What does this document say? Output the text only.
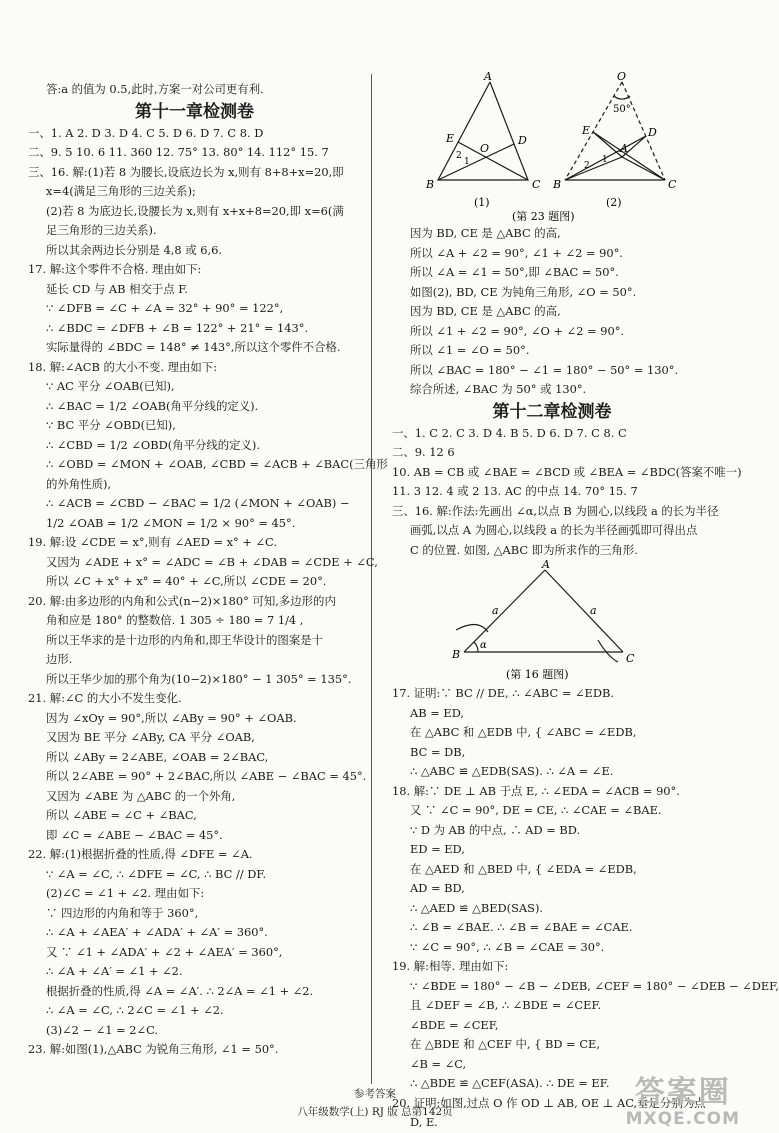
答:a 的值为 0.5,此时,方案一对公司更有利.
第十一章检测卷
一、1. A 2. D 3. D 4. C 5. D 6. D 7. C 8. D
二、9. 5 10. 6 11. 360 12. 75° 13. 80° 14. 112° 15. 7
三、16. 解:(1)若 8 为腰长,设底边长为 x,则有 8+8+x=20,即
x=4(满足三角形的三边关系);
(2)若 8 为底边长,设腰长为 x,则有 x+x+8=20,即 x=6(满
足三角形的三边关系).
所以其余两边长分别是 4,8 或 6,6.
17. 解:这个零件不合格. 理由如下:
延长 CD 与 AB 相交于点 F.
∵ ∠DFB = ∠C + ∠A = 32° + 90° = 122°,
∴ ∠BDC = ∠DFB + ∠B = 122° + 21° = 143°.
实际量得的 ∠BDC = 148° ≠ 143°,所以这个零件不合格.
18. 解:∠ACB 的大小不变. 理由如下:
∵ AC 平分 ∠OAB(已知),
∴ ∠BAC = 1/2 ∠OAB(角平分线的定义).
∵ BC 平分 ∠OBD(已知),
∴ ∠CBD = 1/2 ∠OBD(角平分线的定义).
∴ ∠OBD = ∠MON + ∠OAB, ∠CBD = ∠ACB + ∠BAC(三角形
的外角性质),
∴ ∠ACB = ∠CBD − ∠BAC = 1/2 (∠MON + ∠OAB) −
1/2 ∠OAB = 1/2 ∠MON = 1/2 × 90° = 45°.
19. 解:设 ∠CDE = x°,则有 ∠AED = x° + ∠C.
又因为 ∠ADE + x° = ∠ADC = ∠B + ∠DAB = ∠CDE + ∠C,
所以 ∠C + x° + x° = 40° + ∠C,所以 ∠CDE = 20°.
20. 解:由多边形的内角和公式(n−2)×180° 可知,多边形的内
角和应是 180° 的整数倍. 1 305 ÷ 180 = 7 1/4 ,
所以王华求的是十边形的内角和,即王华设计的图案是十
边形.
所以王华少加的那个角为(10−2)×180° − 1 305° = 135°.
21. 解:∠C 的大小不发生变化.
因为 ∠xOy = 90°,所以 ∠ABy = 90° + ∠OAB.
又因为 BE 平分 ∠ABy, CA 平分 ∠OAB,
所以 ∠ABy = 2∠ABE, ∠OAB = 2∠BAC,
所以 2∠ABE = 90° + 2∠BAC,所以 ∠ABE − ∠BAC = 45°.
又因为 ∠ABE 为 △ABC 的一个外角,
所以 ∠ABE = ∠C + ∠BAC,
即 ∠C = ∠ABE − ∠BAC = 45°.
22. 解:(1)根据折叠的性质,得 ∠DFE = ∠A.
∵ ∠A = ∠C, ∴ ∠DFE = ∠C, ∴ BC // DF.
(2)∠C = ∠1 + ∠2. 理由如下:
∵ 四边形的内角和等于 360°,
∴ ∠A + ∠AEA′ + ∠ADA′ + ∠A′ = 360°.
又 ∵ ∠1 + ∠ADA′ + ∠2 + ∠AEA′ = 360°,
∴ ∠A + ∠A′ = ∠1 + ∠2.
根据折叠的性质,得 ∠A = ∠A′. ∴ 2∠A = ∠1 + ∠2.
∴ ∠A = ∠C, ∴ 2∠C = ∠1 + ∠2.
(3)∠2 − ∠1 = 2∠C.
23. 解:如图(1),△ABC 为锐角三角形, ∠1 = 50°.
因为 BD, CE 是 △ABC 的高,
所以 ∠A + ∠2 = 90°, ∠1 + ∠2 = 90°.
所以 ∠A = ∠1 = 50°,即 ∠BAC = 50°.
如图(2), BD, CE 为钝角三角形, ∠O = 50°.
因为 BD, CE 是 △ABC 的高,
所以 ∠1 + ∠2 = 90°, ∠O + ∠2 = 90°.
所以 ∠1 = ∠O = 50°.
所以 ∠BAC = 180° − ∠1 = 180° − 50° = 130°.
综合所述, ∠BAC 为 50° 或 130°.
第十二章检测卷
一、1. C 2. C 3. D 4. B 5. D 6. D 7. C 8. C
二、9. 12 6
10. AB = CB 或 ∠BAE = ∠BCD 或 ∠BEA = ∠BDC(答案不唯一)
11. 3 12. 4 或 2 13. AC 的中点 14. 70° 15. 7
三、16. 解:作法:先画出 ∠α,以点 B 为圆心,以线段 a 的长为半径
画弧,以点 A 为圆心,以线段 a 的长为半径画弧即可得出点
C 的位置. 如图, △ABC 即为所求作的三角形.
17. 证明:∵ BC // DE, ∴ ∠ABC = ∠EDB.
AB = ED,
在 △ABC 和 △EDB 中, { ∠ABC = ∠EDB,
BC = DB,
∴ △ABC ≌ △EDB(SAS). ∴ ∠A = ∠E.
18. 解:∵ DE ⊥ AB 于点 E, ∴ ∠EDA = ∠ACB = 90°.
又 ∵ ∠C = 90°, DE = CE, ∴ ∠CAE = ∠BAE.
∵ D 为 AB 的中点, ∴ AD = BD.
ED = ED,
在 △AED 和 △BED 中, { ∠EDA = ∠EDB,
AD = BD,
∴ △AED ≌ △BED(SAS).
∴ ∠B = ∠BAE. ∴ ∠B = ∠BAE = ∠CAE.
∵ ∠C = 90°, ∴ ∠B = ∠CAE = 30°.
19. 解:相等. 理由如下:
∵ ∠BDE = 180° − ∠B − ∠DEB, ∠CEF = 180° − ∠DEB − ∠DEF,
且 ∠DEF = ∠B, ∴ ∠BDE = ∠CEF.
∠BDE = ∠CEF,
在 △BDE 和 △CEF 中, { BD = CE,
∠B = ∠C,
∴ △BDE ≌ △CEF(ASA). ∴ DE = EF.
20. 证明:如图,过点 O 作 OD ⊥ AB, OE ⊥ AC,垂足分别为点
D, E.
A
B	C
D
E
O
2
1
(1)
O
50°
A
B	C
D
E
2
1
(2)
(第 23 题图)
A
B	C
a	a
α
(第 16 题图)
参考答案
八年级数学(上) RJ 版 总第142页
答案圈
MXQE.COM
